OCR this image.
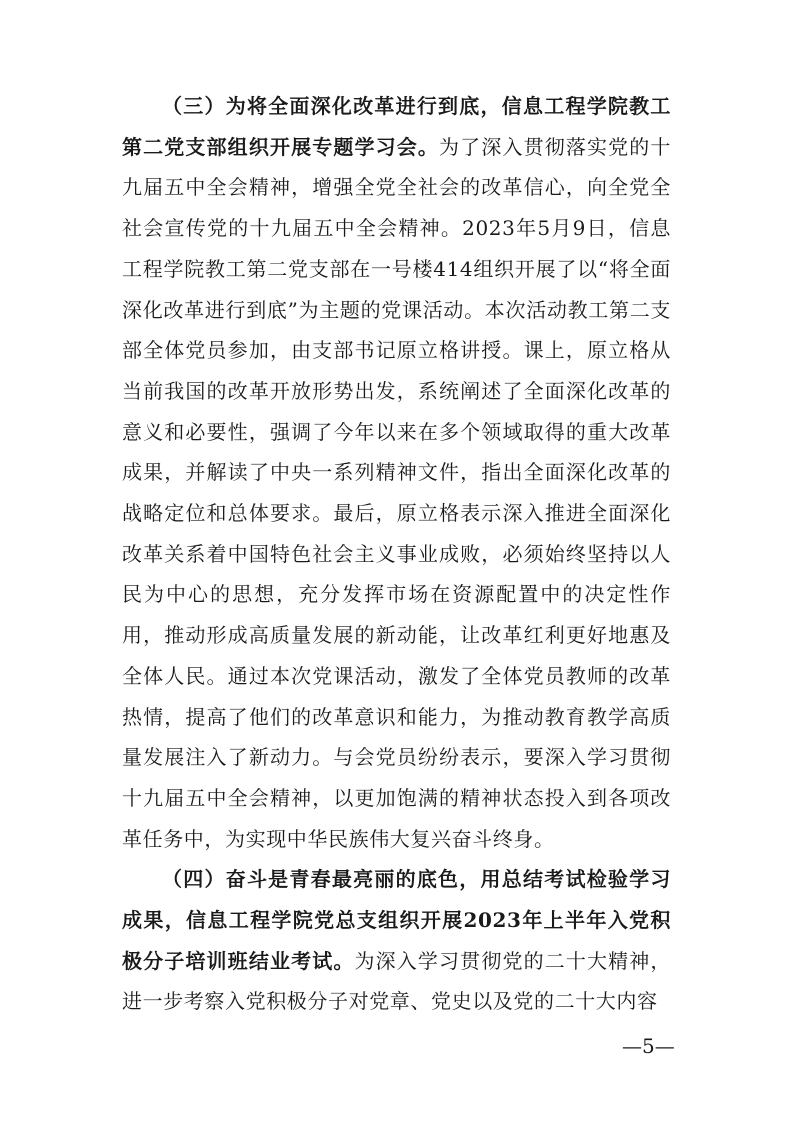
（三）为将全面深化改革进行到底，信息工程学院教工第二党支部组织开展专题学习会。为了深入贯彻落实党的十九届五中全会精神，增强全党全社会的改革信心，向全党全社会宣传党的十九届五中全会精神。2023年5月9日，信息工程学院教工第二党支部在一号楼414组织开展了以“将全面深化改革进行到底”为主题的党课活动。本次活动教工第二支部全体党员参加，由支部书记原立格讲授。课上，原立格从当前我国的改革开放形势出发，系统阐述了全面深化改革的意义和必要性，强调了今年以来在多个领域取得的重大改革成果，并解读了中央一系列精神文件，指出全面深化改革的战略定位和总体要求。最后，原立格表示深入推进全面深化改革关系着中国特色社会主义事业成败，必须始终坚持以人民为中心的思想，充分发挥市场在资源配置中的决定性作用，推动形成高质量发展的新动能，让改革红利更好地惠及全体人民。通过本次党课活动，激发了全体党员教师的改革热情，提高了他们的改革意识和能力，为推动教育教学高质量发展注入了新动力。与会党员纷纷表示，要深入学习贯彻十九届五中全会精神，以更加饱满的精神状态投入到各项改革任务中，为实现中华民族伟大复兴奋斗终身。

（四）奋斗是青春最亮丽的底色，用总结考试检验学习成果，信息工程学院党总支组织开展2023年上半年入党积极分子培训班结业考试。为深入学习贯彻党的二十大精神，进一步考察入党积极分子对党章、党史以及党的二十大内容

—5—
